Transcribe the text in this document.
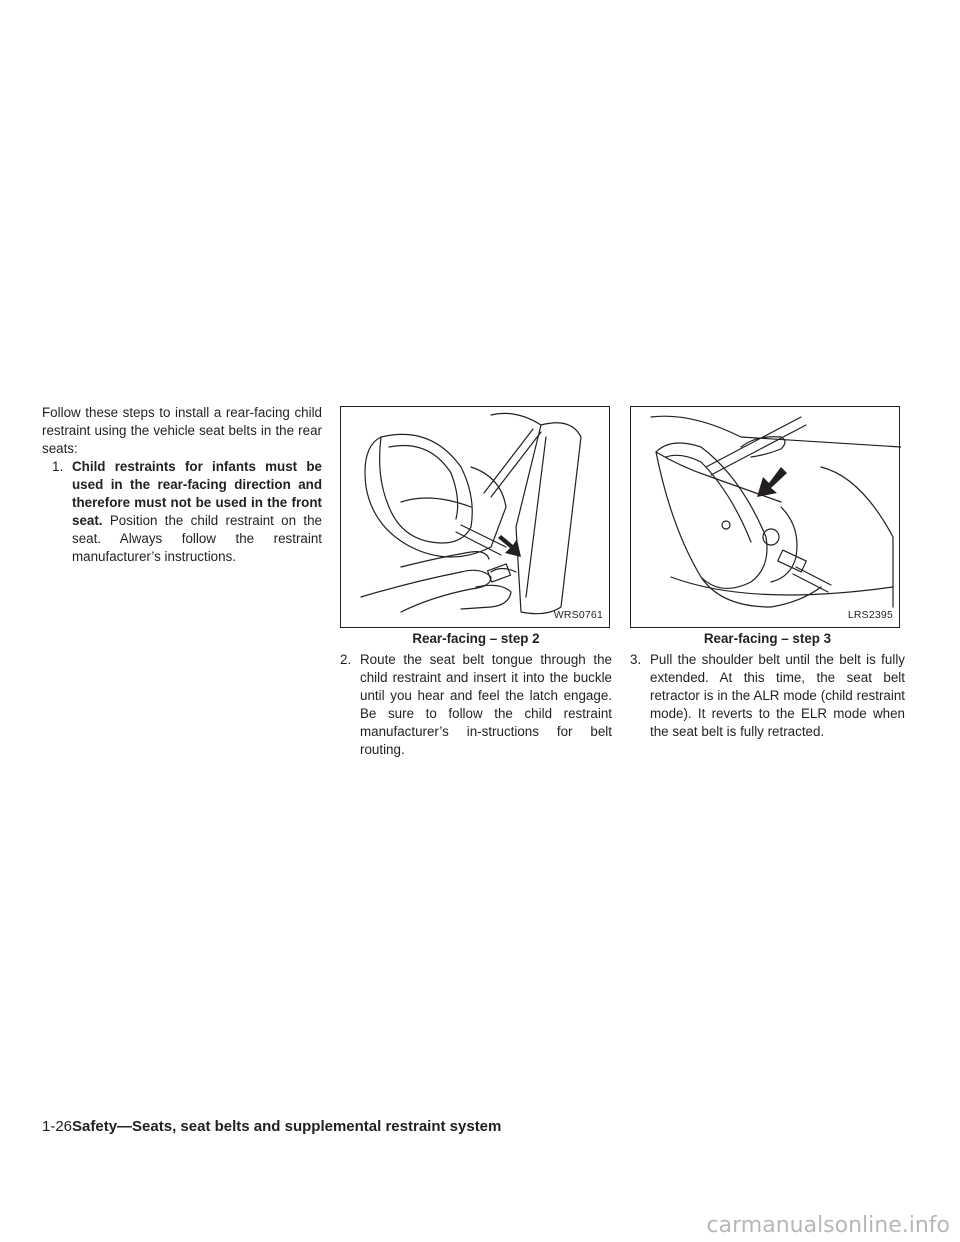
Follow these steps to install a rear-facing child restraint using the vehicle seat belts in the rear seats:

1. Child restraints for infants must be used in the rear-facing direction and therefore must not be used in the front seat. Position the child restraint on the seat. Always follow the restraint manufacturer’s instructions.

WRS0761
Rear-facing – step 2

2. Route the seat belt tongue through the child restraint and insert it into the buckle until you hear and feel the latch engage. Be sure to follow the child restraint manufacturer’s in-structions for belt routing.

LRS2395
Rear-facing – step 3

3. Pull the shoulder belt until the belt is fully extended. At this time, the seat belt retractor is in the ALR mode (child restraint mode). It reverts to the ELR mode when the seat belt is fully retracted.

1-26Safety—Seats, seat belts and supplemental restraint system
carmanualsonline.info
